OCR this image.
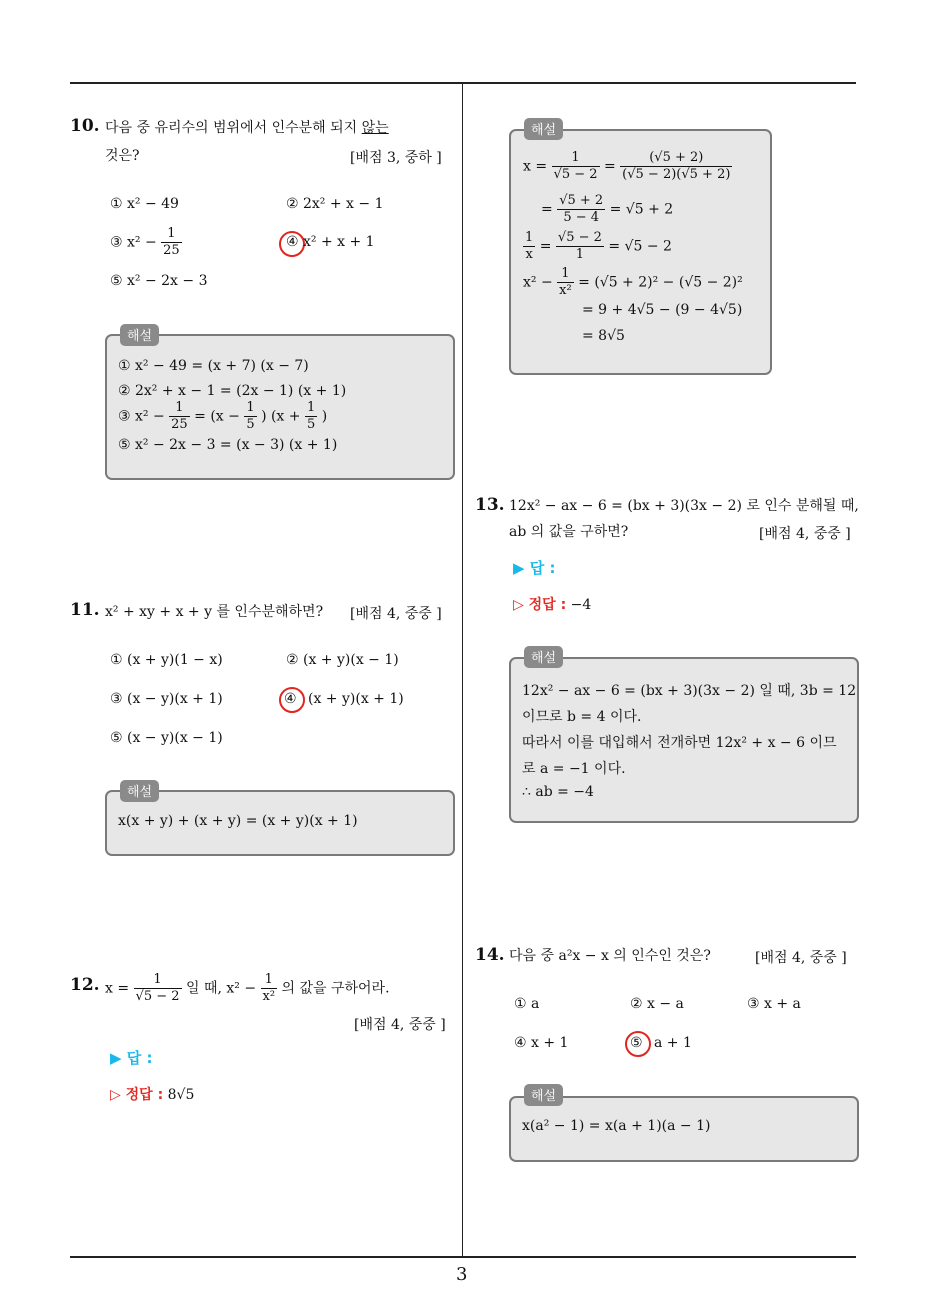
3
10. 다음 중 유리수의 범위에서 인수분해 되지 않는
것은?	[배점 3, 중하 ]
① x² − 49	② 2x² + x − 1
③ $x^2 - \frac{1}{25}$	④ x² + x + 1
⑤ x² − 2x − 3
해설
① x² − 49 = (x + 7) (x − 7)
② 2x² + x − 1 = (2x − 1) (x + 1)
③ $x^2 - \frac{1}{25} = (x - \frac{1}{5}$ ) ($x + \frac{1}{5}$ )
⑤ x² − 2x − 3 = (x − 3) (x + 1)
11. x² + xy + x + y 를 인수분해하면? [배점 4, 중중 ]
① (x + y)(1 − x)	② (x + y)(x − 1)
③ (x − y)(x + 1)	④ (x + y)(x + 1)
⑤ (x − y)(x − 1)
해설
x(x + y) + (x + y) = (x + y)(x + 1)
12. $x = \frac{1}{√5 - 2}$ 일 때, $x^2 - \frac{1}{\text{x²}}$ 의 값을 구하어라.
[배점 4, 중중 ]
▶ 답 :
▷ 정답 : 8√5
해설
$x = \frac{1}{√5 - 2} = \frac{(√5 + 2)}{(√5 - 2)(√5 + 2)}$
= $\frac{√5 + 2}{5 - 4} = √5 + 2$
$\frac{1}{x} = \frac{√5 - 2}{1} = √5 - 2$
$x^2 - \frac{1}{\text{x²}} = (√5 + 2)^2 - (√5 - 2)^2$
= 9 + 4√5 − (9 − 4√5)
= 8√5
13. 12x² − ax − 6 = (bx + 3)(3x − 2) 로 인수 분해될 때,
ab 의 값을 구하면?	[배점 4, 중중 ]
▶ 답 :
▷ 정답 : −4
해설
12x² − ax − 6 = (bx + 3)(3x − 2) 일 때, 3b = 12
이므로 b = 4 이다.
따라서 이를 대입해서 전개하면 12x² + x − 6 이므
로 a = −1 이다.
∴ ab = −4
14. 다음 중 a²x − x 의 인수인 것은?	[배점 4, 중중 ]
① a	② x − a	③ x + a
④ x + 1	⑤ a + 1
해설
x(a² − 1) = x(a + 1)(a − 1)
